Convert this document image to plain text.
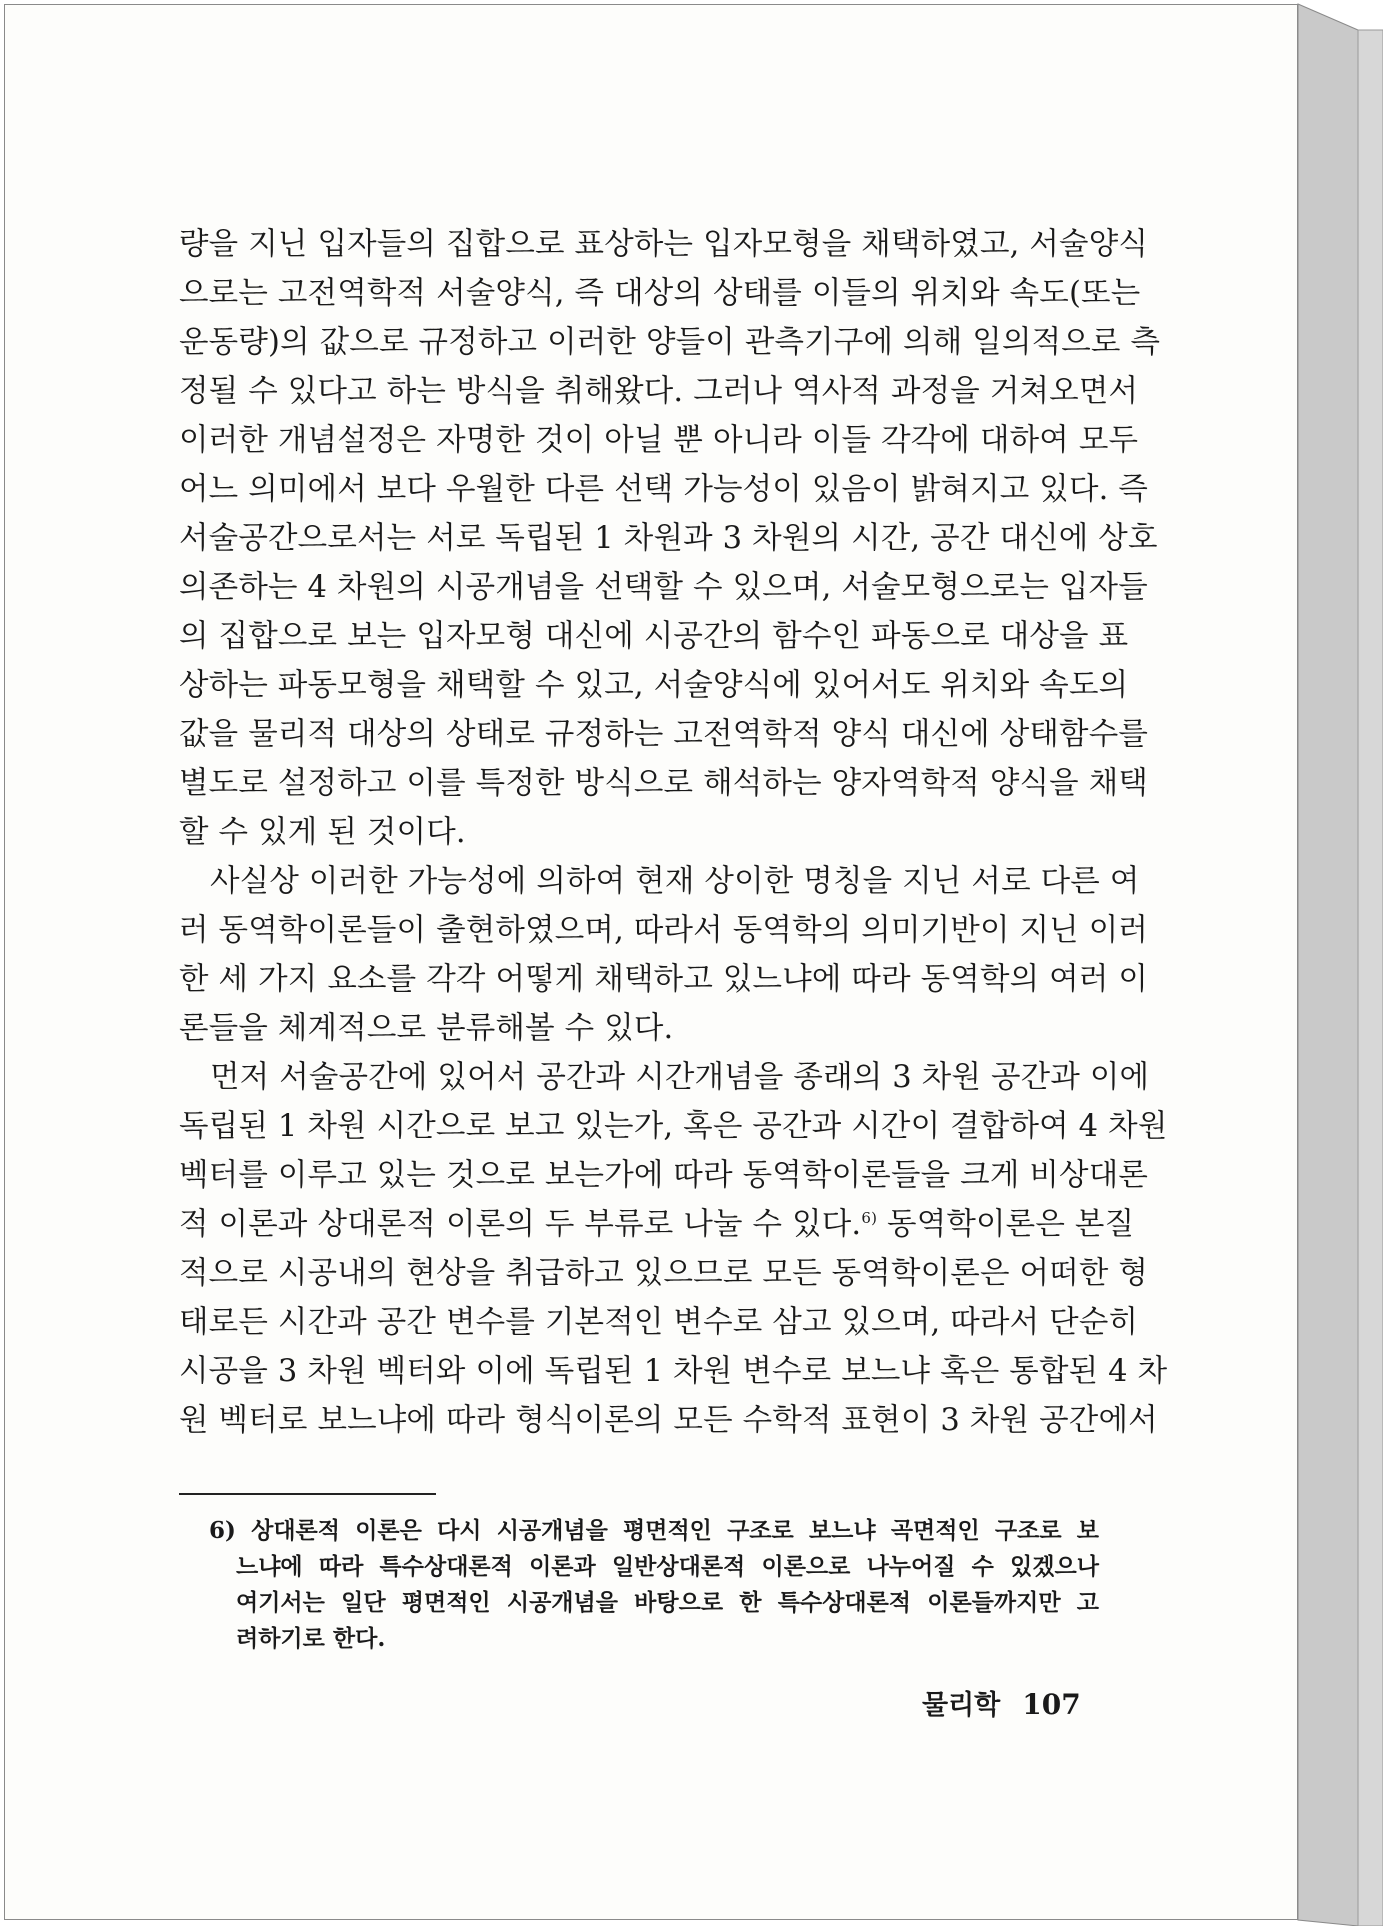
량을 지닌 입자들의 집합으로 표상하는 입자모형을 채택하였고, 서술양식
으로는 고전역학적 서술양식, 즉 대상의 상태를 이들의 위치와 속도(또는
운동량)의 값으로 규정하고 이러한 양들이 관측기구에 의해 일의적으로 측
정될 수 있다고 하는 방식을 취해왔다. 그러나 역사적 과정을 거쳐오면서
이러한 개념설정은 자명한 것이 아닐 뿐 아니라 이들 각각에 대하여 모두
어느 의미에서 보다 우월한 다른 선택 가능성이 있음이 밝혀지고 있다. 즉
서술공간으로서는 서로 독립된 1 차원과 3 차원의 시간, 공간 대신에 상호
의존하는 4 차원의 시공개념을 선택할 수 있으며, 서술모형으로는 입자들
의 집합으로 보는 입자모형 대신에 시공간의 함수인 파동으로 대상을 표
상하는 파동모형을 채택할 수 있고, 서술양식에 있어서도 위치와 속도의
값을 물리적 대상의 상태로 규정하는 고전역학적 양식 대신에 상태함수를
별도로 설정하고 이를 특정한 방식으로 해석하는 양자역학적 양식을 채택
할 수 있게 된 것이다.
사실상 이러한 가능성에 의하여 현재 상이한 명칭을 지닌 서로 다른 여
러 동역학이론들이 출현하였으며, 따라서 동역학의 의미기반이 지닌 이러
한 세 가지 요소를 각각 어떻게 채택하고 있느냐에 따라 동역학의 여러 이
론들을 체계적으로 분류해볼 수 있다.
먼저 서술공간에 있어서 공간과 시간개념을 종래의 3 차원 공간과 이에
독립된 1 차원 시간으로 보고 있는가, 혹은 공간과 시간이 결합하여 4 차원
벡터를 이루고 있는 것으로 보는가에 따라 동역학이론들을 크게 비상대론
적 이론과 상대론적 이론의 두 부류로 나눌 수 있다.$^{6)}$ 동역학이론은 본질
적으로 시공내의 현상을 취급하고 있으므로 모든 동역학이론은 어떠한 형
태로든 시간과 공간 변수를 기본적인 변수로 삼고 있으며, 따라서 단순히
시공을 3 차원 벡터와 이에 독립된 1 차원 변수로 보느냐 혹은 통합된 4 차
원 벡터로 보느냐에 따라 형식이론의 모든 수학적 표현이 3 차원 공간에서
6) 상대론적 이론은 다시 시공개념을 평면적인 구조로 보느냐 곡면적인 구조로 보
느냐에 따라 특수상대론적 이론과 일반상대론적 이론으로 나누어질 수 있겠으나
여기서는 일단 평면적인 시공개념을 바탕으로 한 특수상대론적 이론들까지만 고
려하기로 한다.
물리학 107
